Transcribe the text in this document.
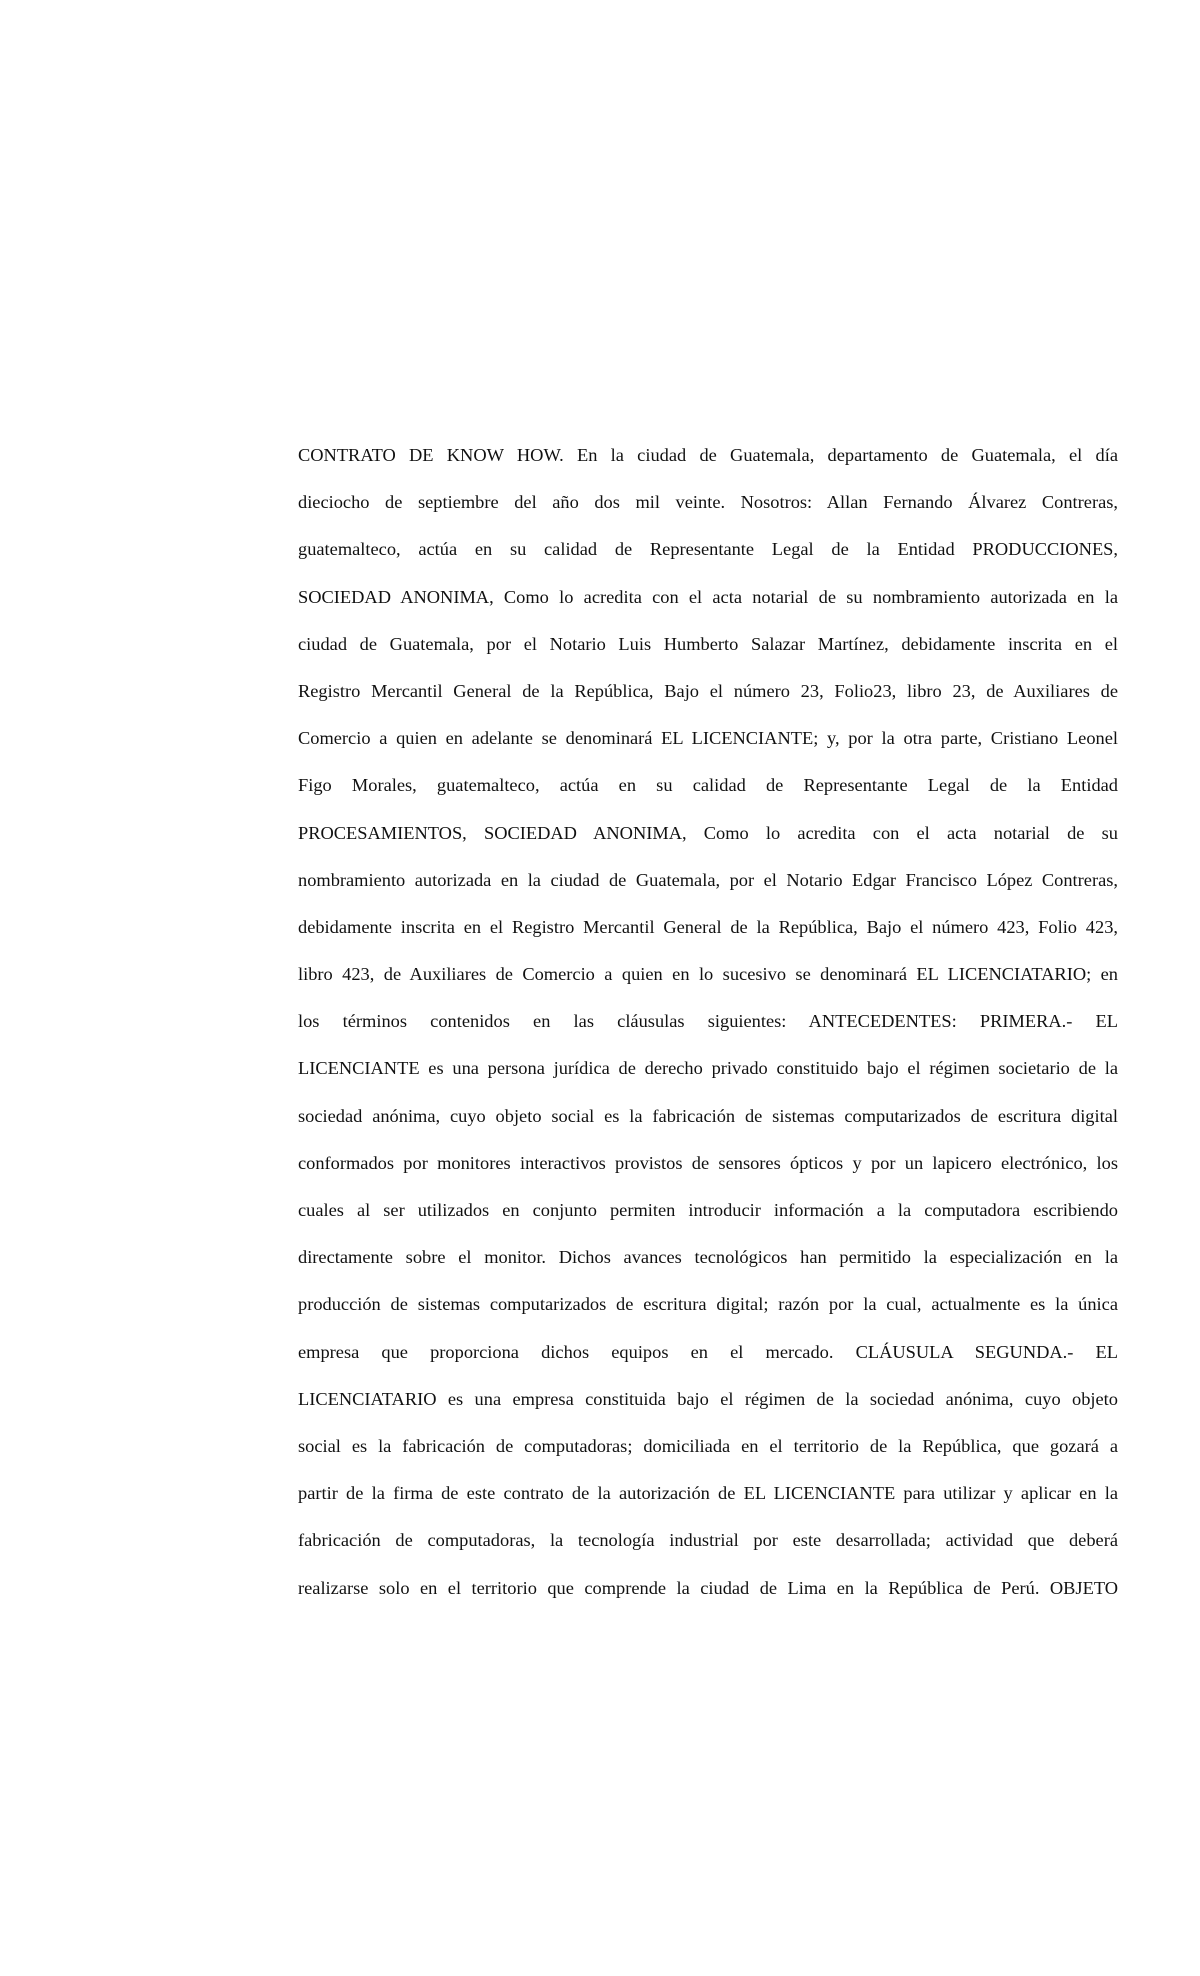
CONTRATO DE KNOW HOW. En la ciudad de Guatemala, departamento de Guatemala, el día
dieciocho de septiembre del año dos mil veinte. Nosotros: Allan Fernando Álvarez Contreras,
guatemalteco, actúa en su calidad de Representante Legal de la Entidad PRODUCCIONES,
SOCIEDAD ANONIMA, Como lo acredita con el acta notarial de su nombramiento autorizada en la
ciudad de Guatemala, por el Notario Luis Humberto Salazar Martínez, debidamente inscrita en el
Registro Mercantil General de la República, Bajo el número 23, Folio23, libro 23, de Auxiliares de
Comercio a quien en adelante se denominará EL LICENCIANTE; y, por la otra parte, Cristiano Leonel
Figo Morales, guatemalteco, actúa en su calidad de Representante Legal de la Entidad
PROCESAMIENTOS, SOCIEDAD ANONIMA, Como lo acredita con el acta notarial de su
nombramiento autorizada en la ciudad de Guatemala, por el Notario Edgar Francisco López Contreras,
debidamente inscrita en el Registro Mercantil General de la República, Bajo el número 423, Folio 423,
libro 423, de Auxiliares de Comercio a quien en lo sucesivo se denominará EL LICENCIATARIO; en
los términos contenidos en las cláusulas siguientes: ANTECEDENTES: PRIMERA.- EL
LICENCIANTE es una persona jurídica de derecho privado constituido bajo el régimen societario de la
sociedad anónima, cuyo objeto social es la fabricación de sistemas computarizados de escritura digital
conformados por monitores interactivos provistos de sensores ópticos y por un lapicero electrónico, los
cuales al ser utilizados en conjunto permiten introducir información a la computadora escribiendo
directamente sobre el monitor. Dichos avances tecnológicos han permitido la especialización en la
producción de sistemas computarizados de escritura digital; razón por la cual, actualmente es la única
empresa que proporciona dichos equipos en el mercado. CLÁUSULA SEGUNDA.- EL
LICENCIATARIO es una empresa constituida bajo el régimen de la sociedad anónima, cuyo objeto
social es la fabricación de computadoras; domiciliada en el territorio de la República, que gozará a
partir de la firma de este contrato de la autorización de EL LICENCIANTE para utilizar y aplicar en la
fabricación de computadoras, la tecnología industrial por este desarrollada; actividad que deberá
realizarse solo en el territorio que comprende la ciudad de Lima en la República de Perú. OBJETO
